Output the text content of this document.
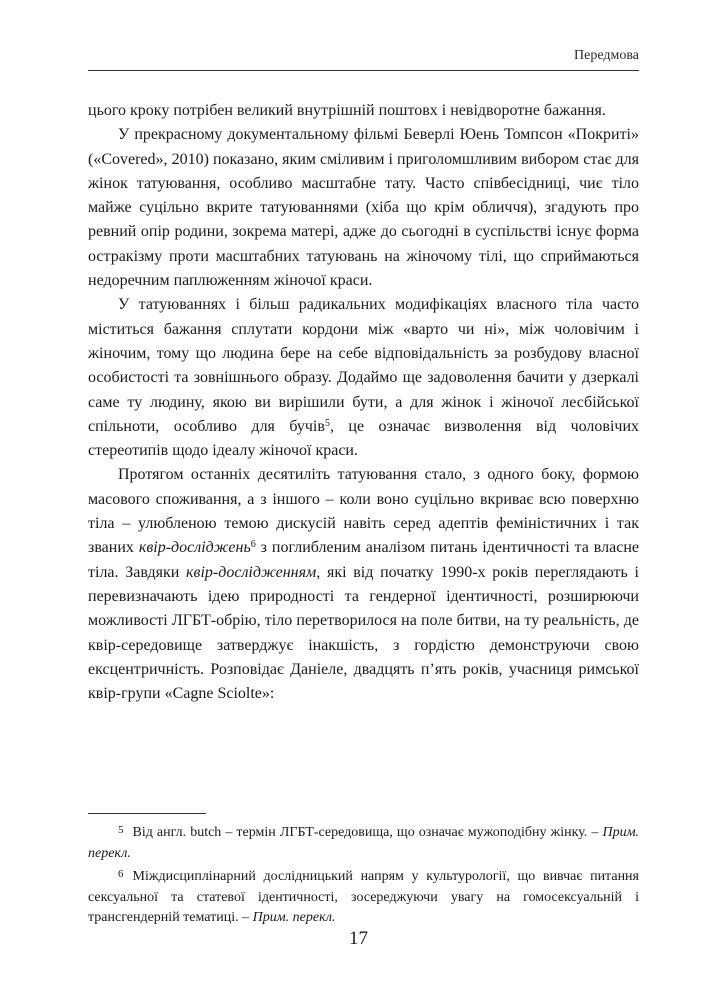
Передмова

цього кроку потрібен великий внутрішній поштовх і невідворотне бажання.

У прекрасному документальному фільмі Беверлі Юень Томпсон «Покриті» («Covered», 2010) показано, яким сміливим і приголомшливим вибором стає для жінок татуювання, особливо масштабне тату. Часто співбесідниці, чиє тіло майже суцільно вкрите татуюваннями (хіба що крім обличчя), згадують про ревний опір родини, зокрема матері, адже до сьогодні в суспільстві існує форма остракізму проти масштабних татуювань на жіночому тілі, що сприймаються недоречним паплюженням жіночої краси.

У татуюваннях і більш радикальних модифікаціях власного тіла часто міститься бажання сплутати кордони між «варто чи ні», між чоловічим і жіночим, тому що людина бере на себе відповідальність за розбудову власної особистості та зовнішнього образу. Додаймо ще задоволення бачити у дзеркалі саме ту людину, якою ви вирішили бути, а для жінок і жіночої лесбійської спільноти, особливо для бучів$^5$, це означає визволення від чоловічих стереотипів щодо ідеалу жіночої краси.

Протягом останніх десятиліть татуювання стало, з одного боку, формою масового споживання, а з іншого – коли воно суцільно вкриває всю поверхню тіла – улюбленою темою дискусій навіть серед адептів феміністичних і так званих квір-досліджень$^6$ з поглибленим аналізом питань ідентичності та власне тіла. Завдяки квір-дослідженням, які від початку 1990-х років переглядають і перевизначають ідею природності та гендерної ідентичності, розширюючи можливості ЛГБТ-обрію, тіло перетворилося на поле битви, на ту реальність, де квір-середовище затверджує інакшість, з гордістю демонструючи свою ексцентричність. Розповідає Даніеле, двадцять п’ять років, учасниця римської квір-групи «Cagne Sciolte»:

$^5$ Від англ. butch – термін ЛГБТ-середовища, що означає мужоподібну жінку. – Прим. перекл.

$^6$ Міждисциплінарний дослідницький напрям у культурології, що вивчає питання сексуальної та статевої ідентичності, зосереджуючи увагу на гомосексуальній і трансгендерній тематиці. – Прим. перекл.

17
